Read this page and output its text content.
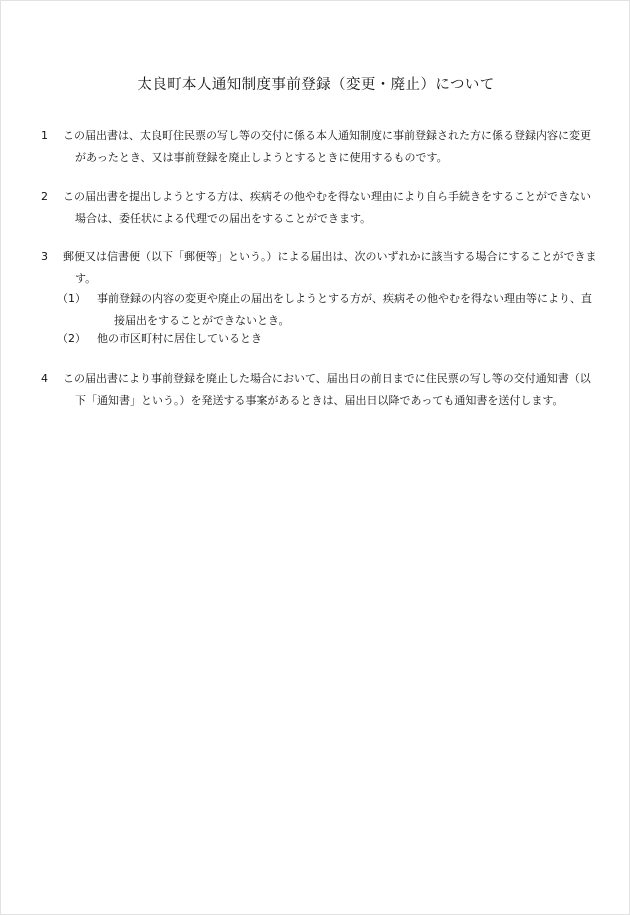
太良町本人通知制度事前登録（変更・廃止）について
1	この届出書は、太良町住民票の写し等の交付に係る本人通知制度に事前登録された方に係る登録内容に変更があったとき、又は事前登録を廃止しようとするときに使用するものです。
2	この届出書を提出しようとする方は、疾病その他やむを得ない理由により自ら手続きをすることができない場合は、委任状による代理での届出をすることができます。
3	郵便又は信書便（以下「郵便等」という。）による届出は、次のいずれかに該当する場合にすることができます。
（1）	事前登録の内容の変更や廃止の届出をしようとする方が、疾病その他やむを得ない理由等により、直接届出をすることができないとき。
（2）	他の市区町村に居住しているとき
4	この届出書により事前登録を廃止した場合において、届出日の前日までに住民票の写し等の交付通知書（以下「通知書」という。）を発送する事案があるときは、届出日以降であっても通知書を送付します。
